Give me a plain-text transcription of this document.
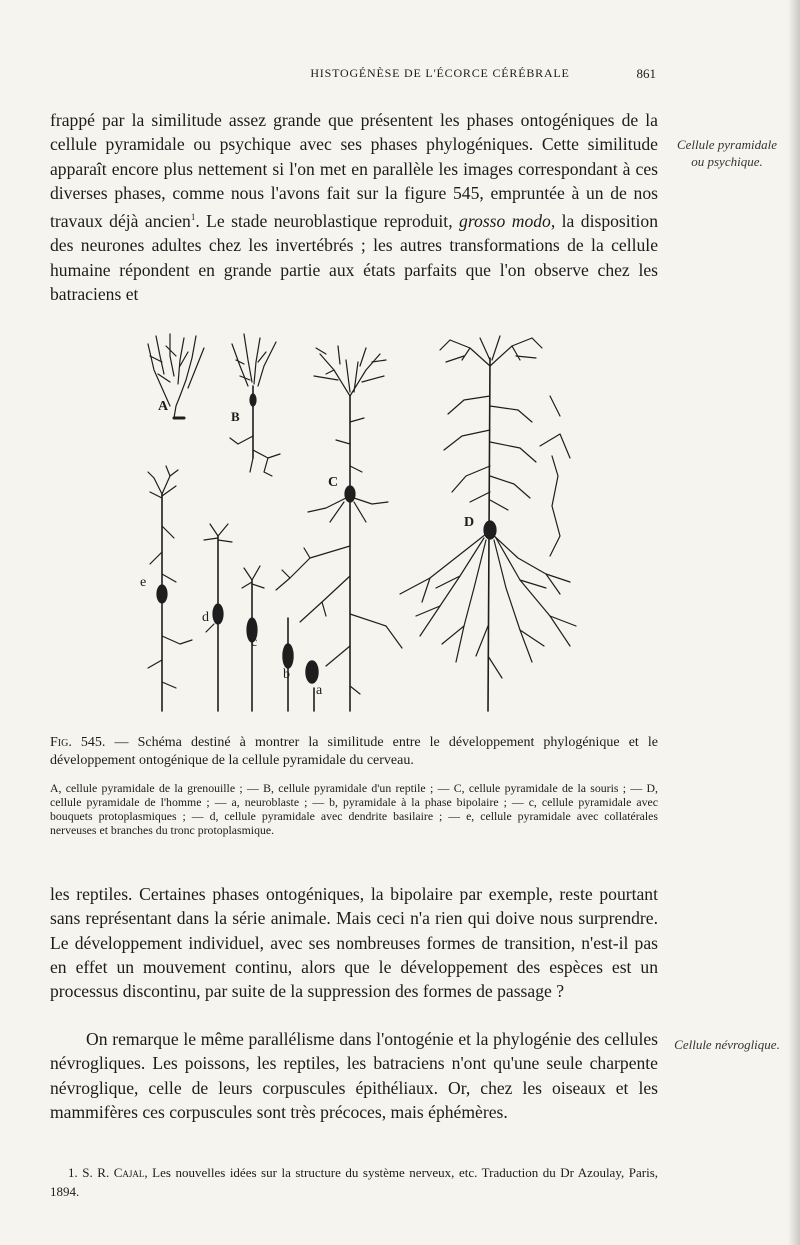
HISTOGÉNÈSE DE L'ÉCORCE CÉRÉBRALE	861

frappé par la similitude assez grande que présentent les phases ontogéniques de la cellule pyramidale ou psychique avec ses phases phylogéniques. Cette similitude apparaît encore plus nettement si l'on met en parallèle les images correspondant à ces diverses phases, comme nous l'avons fait sur la figure 545, empruntée à un de nos travaux déjà ancien$^1$. Le stade neuroblastique reproduit, grosso modo, la disposition des neurones adultes chez les invertébrés ; les autres transformations de la cellule humaine répondent en grande partie aux états parfaits que l'on observe chez les batraciens et

Cellule pyramidale ou psychique.
A
B
C
D
a
b
c
d
e

Fig. 545. — Schéma destiné à montrer la similitude entre le développement phylogénique et le développement ontogénique de la cellule pyramidale du cerveau.

A, cellule pyramidale de la grenouille ; — B, cellule pyramidale d'un reptile ; — C, cellule pyramidale de la souris ; — D, cellule pyramidale de l'homme ; — a, neuroblaste ; — b, pyramidale à la phase bipolaire ; — c, cellule pyramidale avec bouquets protoplasmiques ; — d, cellule pyramidale avec dendrite basilaire ; — e, cellule pyramidale avec collatérales nerveuses et branches du tronc protoplasmique.

les reptiles. Certaines phases ontogéniques, la bipolaire par exemple, reste pourtant sans représentant dans la série animale. Mais ceci n'a rien qui doive nous surprendre. Le développement individuel, avec ses nombreuses formes de transition, n'est-il pas en effet un mouvement continu, alors que le développement des espèces est un processus discontinu, par suite de la suppression des formes de passage ?

On remarque le même parallélisme dans l'ontogénie et la phylogénie des cellules névrogliques. Les poissons, les reptiles, les batraciens n'ont qu'une seule charpente névroglique, celle de leurs corpuscules épithéliaux. Or, chez les oiseaux et les mammifères ces corpuscules sont très précoces, mais éphémères.

Cellule névroglique.

1. S. R. Cajal, Les nouvelles idées sur la structure du système nerveux, etc. Traduction du Dr Azoulay, Paris, 1894.
